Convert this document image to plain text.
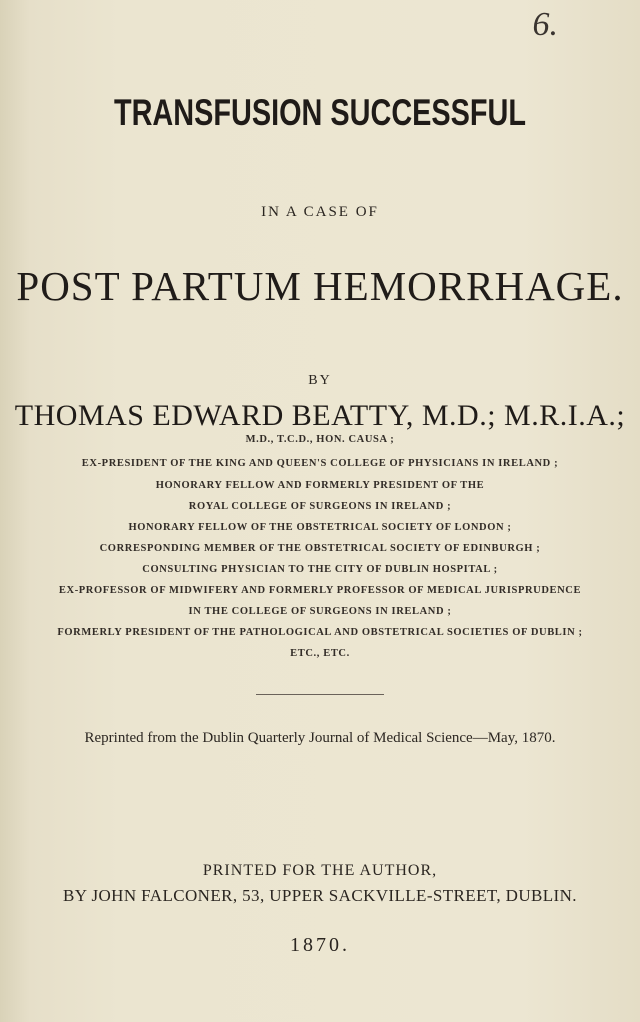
6.
TRANSFUSION SUCCESSFUL
IN A CASE OF
POST PARTUM HEMORRHAGE.
BY
THOMAS EDWARD BEATTY, M.D.; M.R.I.A.;
M.D., T.C.D., HON. CAUSA ;
EX-PRESIDENT OF THE KING AND QUEEN'S COLLEGE OF PHYSICIANS IN IRELAND ;
HONORARY FELLOW AND FORMERLY PRESIDENT OF THE
ROYAL COLLEGE OF SURGEONS IN IRELAND ;
HONORARY FELLOW OF THE OBSTETRICAL SOCIETY OF LONDON ;
CORRESPONDING MEMBER OF THE OBSTETRICAL SOCIETY OF EDINBURGH ;
CONSULTING PHYSICIAN TO THE CITY OF DUBLIN HOSPITAL ;
EX-PROFESSOR OF MIDWIFERY AND FORMERLY PROFESSOR OF MEDICAL JURISPRUDENCE
IN THE COLLEGE OF SURGEONS IN IRELAND ;
FORMERLY PRESIDENT OF THE PATHOLOGICAL AND OBSTETRICAL SOCIETIES OF DUBLIN ;
ETC., ETC.
Reprinted from the Dublin Quarterly Journal of Medical Science—May, 1870.
PRINTED FOR THE AUTHOR,
BY JOHN FALCONER, 53, UPPER SACKVILLE-STREET, DUBLIN.
1870.
